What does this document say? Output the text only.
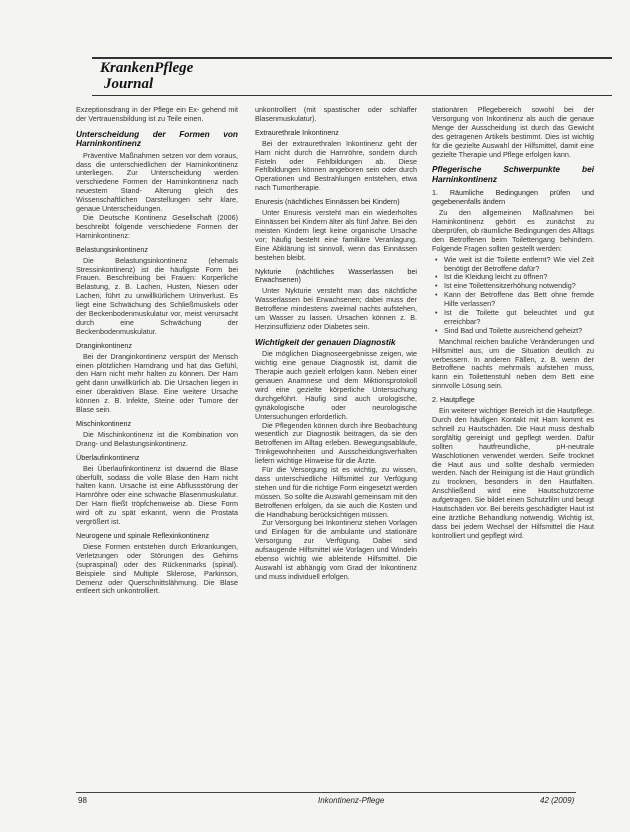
KrankenPflege
Journal

Exzeptionsdrang in der Pflege ein Ex- gehend mit der Vertrauensbildung ist zu Teile einen.

Unterscheidung der Formen von Harninkontinenz

Präventive Maßnahmen setzen vor dem voraus, dass die unterschiedlichen der Harninkontinenz unterliegen. Zur Unterscheidung werden verschiedene Formen der Harninkontinenz nach neuestem Stand- Alterung gleich des Wissenschaftlichen Darstellungen sehr klare, genaue Unterscheidungen.

Die Deutsche Kontinenz Gesellschaft (2006) beschreibt folgende verschiedene Formen der Harninkontinenz:

Belastungsinkontinenz

Die Belastungsinkontinenz (ehemals Stressinkontinenz) ist die häufigste Form bei Frauen. Beschreibung bei Frauen: Korperliche Belastung, z. B. Lachen, Husten, Niesen oder Lachen, führt zu unwillkürlichem Urinverlust. Es liegt eine Schwächung des Schließmuskels oder der Beckenbodenmuskulatur vor, meist verursacht durch eine Schwächung der Beckenbodenmuskulatur.

Dranginkontinenz

Bei der Dranginkontinenz verspürt der Mensch einen plötzlichen Harndrang und hat das Gefühl, den Harn nicht mehr halten zu können. Der Harn geht dann unwillkürlich ab. Die Ursachen liegen in einer überaktiven Blase. Eine weitere Ursache können z. B. Infekte, Steine oder Tumore der Blase sein.

Mischinkontinenz

Die Mischinkontinenz ist die Kombination von Drang- und Belastungsinkontinenz.

Überlaufinkontinenz

Bei Überlaufinkontinenz ist dauernd die Blase überfüllt, sodass die volle Blase den Harn nicht halten kann. Ursache ist eine Abflussstörung der Harnröhre oder eine schwache Blasenmuskulatur. Der Harn fließt tröpfchenweise ab. Diese Form wird oft zu spät erkannt, wenn die Prostata vergrößert ist.

Neurogene und spinale Reflexinkontinenz

Diese Formen entstehen durch Erkrankungen, Verletzungen oder Störungen des Gehirns (supraspinal) oder des Rückenmarks (spinal). Beispiele sind Multiple Sklerose, Parkinson, Demenz oder Querschnittslähmung. Die Blase entleert sich unkontrolliert.

unkontrolliert (mit spastischer oder schlaffer Blasenmuskulatur).

Extraurethrale Inkontinenz

Bei der extraurethralen Inkontinenz geht der Harn nicht durch die Harnröhre, sondern durch Fisteln oder Fehlbildungen ab. Diese Fehlbildungen können angeboren sein oder durch Operationen und Bestrahlungen entstehen, etwa nach Tumortherapie.

Enuresis (nächtliches Einnässen bei Kindern)

Unter Enuresis versteht man ein wiederholtes Einnässen bei Kindern älter als fünf Jahre. Bei den meisten Kindern liegt keine organische Ursache vor; häufig besteht eine familiäre Veranlagung. Eine Abklärung ist sinnvoll, wenn das Einnässen bestehen bleibt.

Nykturie (nächtliches Wasserlassen bei Erwachsenen)

Unter Nykturie versteht man das nächtliche Wasserlassen bei Erwachsenen; dabei muss der Betroffene mindestens zweimal nachts aufstehen, um Wasser zu lassen. Ursachen können z. B. Herzinsuffizienz oder Diabetes sein.

Wichtigkeit der genauen Diagnostik

Die möglichen Diagnoseergebnisse zeigen, wie wichtig eine genaue Diagnostik ist, damit die Therapie auch gezielt erfolgen kann. Neben einer genauen Anamnese und dem Miktionsprotokoll wird eine gezielte körperliche Untersuchung durchgeführt. Häufig sind auch urologische, gynäkologische oder neurologische Untersuchungen erforderlich.

Die Pflegenden können durch ihre Beobachtung wesentlich zur Diagnostik beitragen, da sie den Betroffenen im Alltag erleben. Bewegungsabläufe, Trinkgewohnheiten und Ausscheidungsverhalten liefern wichtige Hinweise für die Ärzte.

Für die Versorgung ist es wichtig, zu wissen, dass unterschiedliche Hilfsmittel zur Verfügung stehen und für die richtige Form eingesetzt werden müssen. So sollte die Auswahl gemeinsam mit den Betroffenen erfolgen, da sie auch die Kosten und die Handhabung berücksichtigen müssen.

Zur Versorgung bei Inkontinenz stehen Vorlagen und Einlagen für die ambulante und stationäre Versorgung zur Verfügung. Dabei sind aufsaugende Hilfsmittel wie Vorlagen und Windeln ebenso wichtig wie ableitende Hilfsmittel. Die Auswahl ist abhängig vom Grad der Inkontinenz und muss individuell erfolgen.

stationären Pflegebereich sowohl bei der Versorgung von Inkontinenz als auch die genaue Menge der Ausscheidung ist durch das Gewicht des getragenen Artikels bestimmt. Dies ist wichtig für die gezielte Auswahl der Hilfsmittel, damit eine gezielte Therapie und Pflege erfolgen kann.

Pflegerische Schwerpunkte bei Harninkontinenz
1. Räumliche Bedingungen prüfen und gegebenenfalls ändern

Zu den allgemeinen Maßnahmen bei Harninkontinenz gehört es zunächst zu überprüfen, ob räumliche Bedingungen des Alltags den Betroffenen beim Toilettengang behindern. Folgende Fragen sollten gestellt werden:

• Wie weit ist die Toilette entfernt? Wie viel Zeit benötigt der Betroffene dafür?
• Ist die Kleidung leicht zu öffnen?
• Ist eine Toilettensitzerhöhung notwendig?
• Kann der Betroffene das Bett ohne fremde Hilfe verlassen?
• Ist die Toilette gut beleuchtet und gut erreichbar?
• Sind Bad und Toilette ausreichend geheizt?

Manchmal reichen bauliche Veränderungen und Hilfsmittel aus, um die Situation deutlich zu verbessern. In anderen Fällen, z. B. wenn der Betroffene nachts mehrmals aufstehen muss, kann ein Toilettenstuhl neben dem Bett eine sinnvolle Lösung sein.

2. Hautpflege

Ein weiterer wichtiger Bereich ist die Hautpflege. Durch den häufigen Kontakt mit Harn kommt es schnell zu Hautschäden. Die Haut muss deshalb sorgfältig gereinigt und gepflegt werden. Dafür sollten hautfreundliche, pH-neutrale Waschlotionen verwendet werden. Seife trocknet die Haut aus und sollte deshalb vermieden werden. Nach der Reinigung ist die Haut gründlich zu trocknen, besonders in den Hautfalten. Anschließend wird eine Hautschutzcreme aufgetragen. Sie bildet einen Schutzfilm und beugt Hautschäden vor. Bei bereits geschädigter Haut ist eine ärztliche Behandlung notwendig. Wichtig ist, dass bei jedem Wechsel der Hilfsmittel die Haut kontrolliert und gepflegt wird.

98	Inkontinenz-Pflege	42 (2009)
